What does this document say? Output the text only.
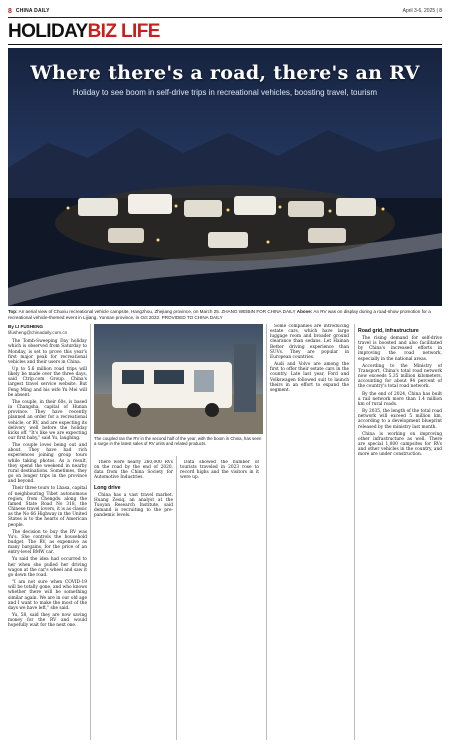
8 CHINA DAILY	April 3-6, 2025 | 8
HOLIDAYBIZ LIFE
Where there's a road, there's an RV
Holiday to see boom in self-drive trips in recreational vehicles, boosting travel, tourism
Top: An aerial view of Chuxiu recreational vehicle campsite, Hangzhou, Zhejiang province, on March 25. ZHANG WEIBIN FOR CHINA DAILY Above: An RV was on display during a road-show promotion for a recreational vehicle-themed event in Lijiang, Yunnan province, in Oct 2022. PROVIDED TO CHINA DAILY
By LI FUSHENG
lifusheng@chinadaily.com.cn

The Tomb-Sweeping Day holiday which is observed from Saturday to Monday, is set to prove this year's first major peak for recreational vehicles and their users in China.

Up to 5.6 million road trips will likely be made over the three days, said Ctrip.com Group. China's largest travel service website. But Feng Ming and his wife Yu Mei will be absent.

The couple, in their 60s, is based in Changsha, capital of Hunan province. They have recently planned an order for a recreational vehicle, or RV, and are expecting its delivery well before the holiday kicks off. "It's like we are expecting our first baby," said Yu, laughing.

The couple loves being out and about. They have had rich experiences joining group tours while taking photos. As a result, they spend the weekend in nearby rural destinations. Sometimes, they go on longer trips in the province and beyond.

Their three tours to Lhasa, capital of neighbouring Tibet autonomous region, from Chengdu along the famed State Road No 318, the Chinese travel lovers, it is as classic as the No 66 Highway in the United States is to the hearts of American people.

The decision to buy the RV was Yu's. She controls the household budget. The RV, as expensive as many bargains, for the price of an entry-level BMW car.

Yu said the idea had occurred to her when she pulled her driving wagon at the car's wheel and saw it go down the road.

"I am not sure when COVID-19 will be totally gone, and who knows whether there will be something similar again. We are in our old age and I want to make the most of the days we have left," she said.

Yu, 58, said they are now saving money for the RV and would hopefully wait for the next one.

The coupled ran the RV in the second half of the year, with the boom in China, has seen a surge in the latest sales of RV units and related products.

There were nearly 260,000 RVs on the road by the end of 2020, data from the China Society for Automotive Industries.

Long drive

China has a vast travel market. Huang Zesiq, an analyst at the Tuoyan Research Institute, said demand is recruiting to the pre-pandemic levels.

Data showed the number of tourists traveled in 2023 rose to record highs and the visitors in it were up.

Some companies are introducing estate cars, which have large luggage room and broader ground clearance than sedans. Let Hainan Better driving experience than SUVs. They are popular in European countries.

Audi and Volvo are among the first to offer their estate cars in the country. Late last year, Ford and Volkswagen followed suit to launch theirs in an effort to expand the segment.

Road grid, infrastructure

The rising demand for self-drive travel is boosted and also facilitated by China's increased efforts in improving the road network, especially in the national areas.

According to the Ministry of Transport, China's total road network now exceeds 5.35 million kilometers, accounting for about 94 percent of the country's total road network.

By the end of 2024, China has built a rail network more than 1.4 million km of rural roads.

By 2035, the length of the total road network will exceed 5 million km, according to a development blueprint released by the ministry last month.

China is working on improving other infrastructure as well. There are special 1,000 campsites for RVs and other vehicles in the country, and more are under construction.
